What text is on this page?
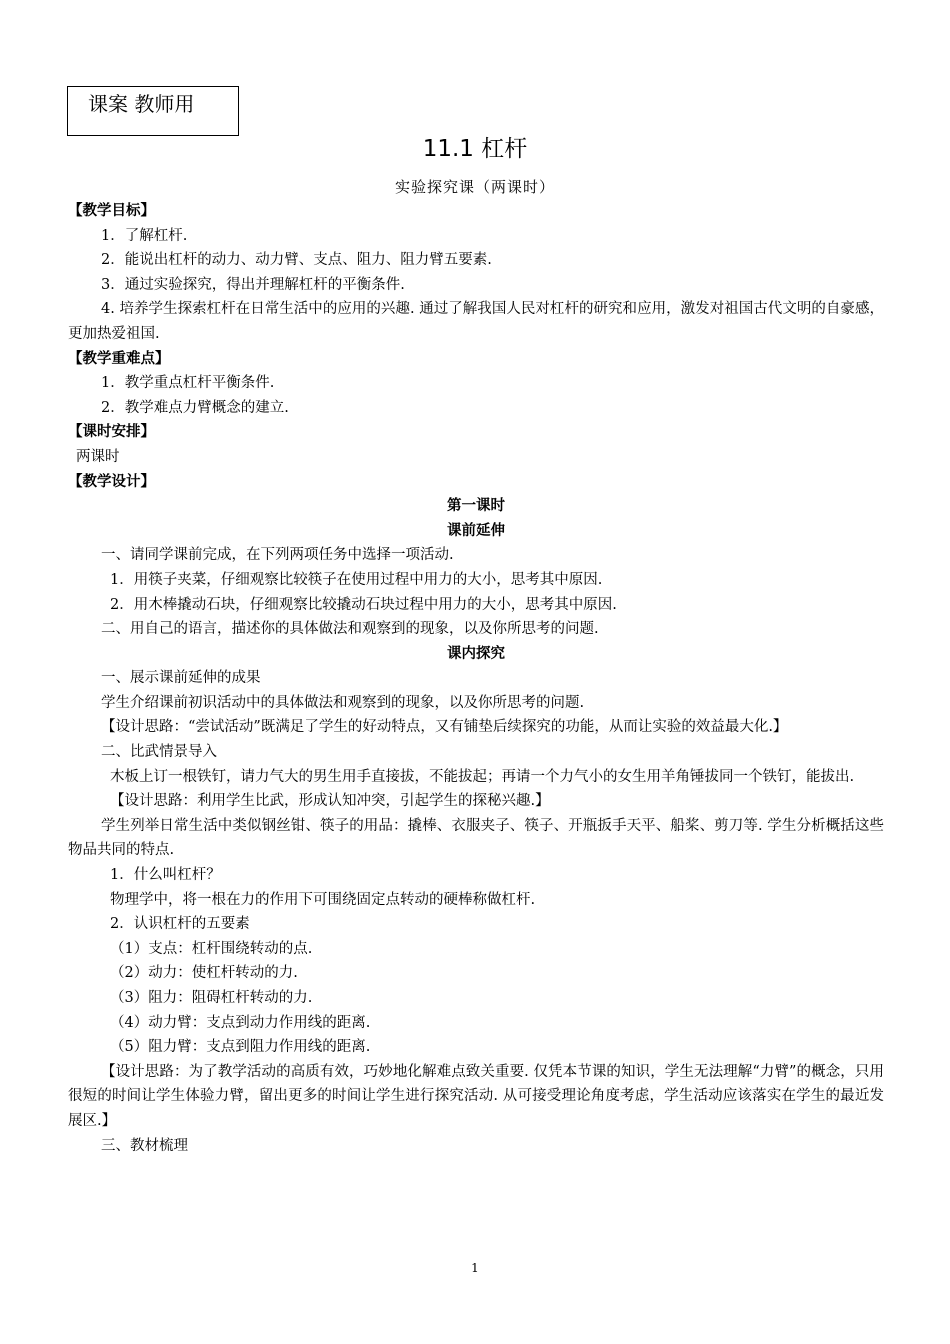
课案 教师用
11.1 杠杆
实验探究课（两课时）

【教学目标】

1．了解杠杆.

2．能说出杠杆的动力、动力臂、支点、阻力、阻力臂五要素.

3．通过实验探究，得出并理解杠杆的平衡条件.

4. 培养学生探索杠杆在日常生活中的应用的兴趣. 通过了解我国人民对杠杆的研究和应用，激发对祖国古代文明的自豪感，更加热爱祖国.

【教学重难点】

1．教学重点杠杆平衡条件.

2．教学难点力臂概念的建立.

【课时安排】

两课时

【教学设计】

第一课时

课前延伸

一、请同学课前完成，在下列两项任务中选择一项活动.

1．用筷子夹菜，仔细观察比较筷子在使用过程中用力的大小，思考其中原因.

2．用木棒撬动石块，仔细观察比较撬动石块过程中用力的大小，思考其中原因.

二、用自己的语言，描述你的具体做法和观察到的现象，以及你所思考的问题.

课内探究

一、展示课前延伸的成果

学生介绍课前初识活动中的具体做法和观察到的现象，以及你所思考的问题.

【设计思路：“尝试活动”既满足了学生的好动特点，又有铺垫后续探究的功能，从而让实验的效益最大化.】

二、比武情景导入

木板上订一根铁钉，请力气大的男生用手直接拔，不能拔起；再请一个力气小的女生用羊角锤拔同一个铁钉，能拔出.

【设计思路：利用学生比武，形成认知冲突，引起学生的探秘兴趣.】

学生列举日常生活中类似钢丝钳、筷子的用品：撬棒、衣服夹子、筷子、开瓶扳手天平、船桨、剪刀等. 学生分析概括这些物品共同的特点.

1．什么叫杠杆？

物理学中，将一根在力的作用下可围绕固定点转动的硬棒称做杠杆.

2．认识杠杆的五要素

（1）支点：杠杆围绕转动的点.

（2）动力：使杠杆转动的力.

（3）阻力：阻碍杠杆转动的力.

（4）动力臂：支点到动力作用线的距离.

（5）阻力臂：支点到阻力作用线的距离.

【设计思路：为了教学活动的高质有效，巧妙地化解难点致关重要. 仅凭本节课的知识，学生无法理解“力臂”的概念，只用很短的时间让学生体验力臂，留出更多的时间让学生进行探究活动. 从可接受理论角度考虑，学生活动应该落实在学生的最近发展区.】

三、教材梳理

1
